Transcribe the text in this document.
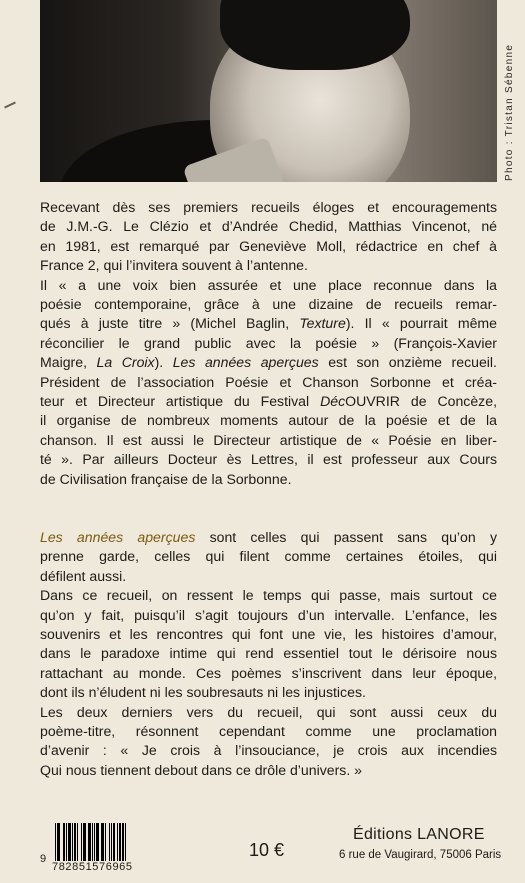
Photo : Tristan Sébenne

Recevant dès ses premiers recueils éloges et encouragements
de J.M.-G. Le Clézio et d’Andrée Chedid, Matthias Vincenot, né
en 1981, est remarqué par Geneviève Moll, rédactrice en chef à
France 2, qui l’invitera souvent à l’antenne.
Il « a une voix bien assurée et une place reconnue dans la
poésie contemporaine, grâce à une dizaine de recueils remar-
qués à juste titre » (Michel Baglin, Texture). Il « pourrait même
réconcilier le grand public avec la poésie » (François-Xavier
Maigre, La Croix). Les années aperçues est son onzième recueil.
Président de l’association Poésie et Chanson Sorbonne et créa-
teur et Directeur artistique du Festival DécOUVRIR de Concèze,
il organise de nombreux moments autour de la poésie et de la
chanson. Il est aussi le Directeur artistique de « Poésie en liber-
té ». Par ailleurs Docteur ès Lettres, il est professeur aux Cours
de Civilisation française de la Sorbonne.

Les années aperçues sont celles qui passent sans qu’on y
prenne garde, celles qui filent comme certaines étoiles, qui
défilent aussi.
Dans ce recueil, on ressent le temps qui passe, mais surtout ce
qu’on y fait, puisqu’il s’agit toujours d’un intervalle. L’enfance, les
souvenirs et les rencontres qui font une vie, les histoires d’amour,
dans le paradoxe intime qui rend essentiel tout le dérisoire nous
rattachant au monde. Ces poèmes s’inscrivent dans leur époque,
dont ils n’éludent ni les soubresauts ni les injustices.
Les deux derniers vers du recueil, qui sont aussi ceux du
poème-titre, résonnent cependant comme une proclamation
d’avenir : « Je crois à l’insouciance, je crois aux incendies
Qui nous tiennent debout dans ce drôle d’univers. »

9
782851576965
10 €
Éditions LANORE
6 rue de Vaugirard, 75006 Paris
